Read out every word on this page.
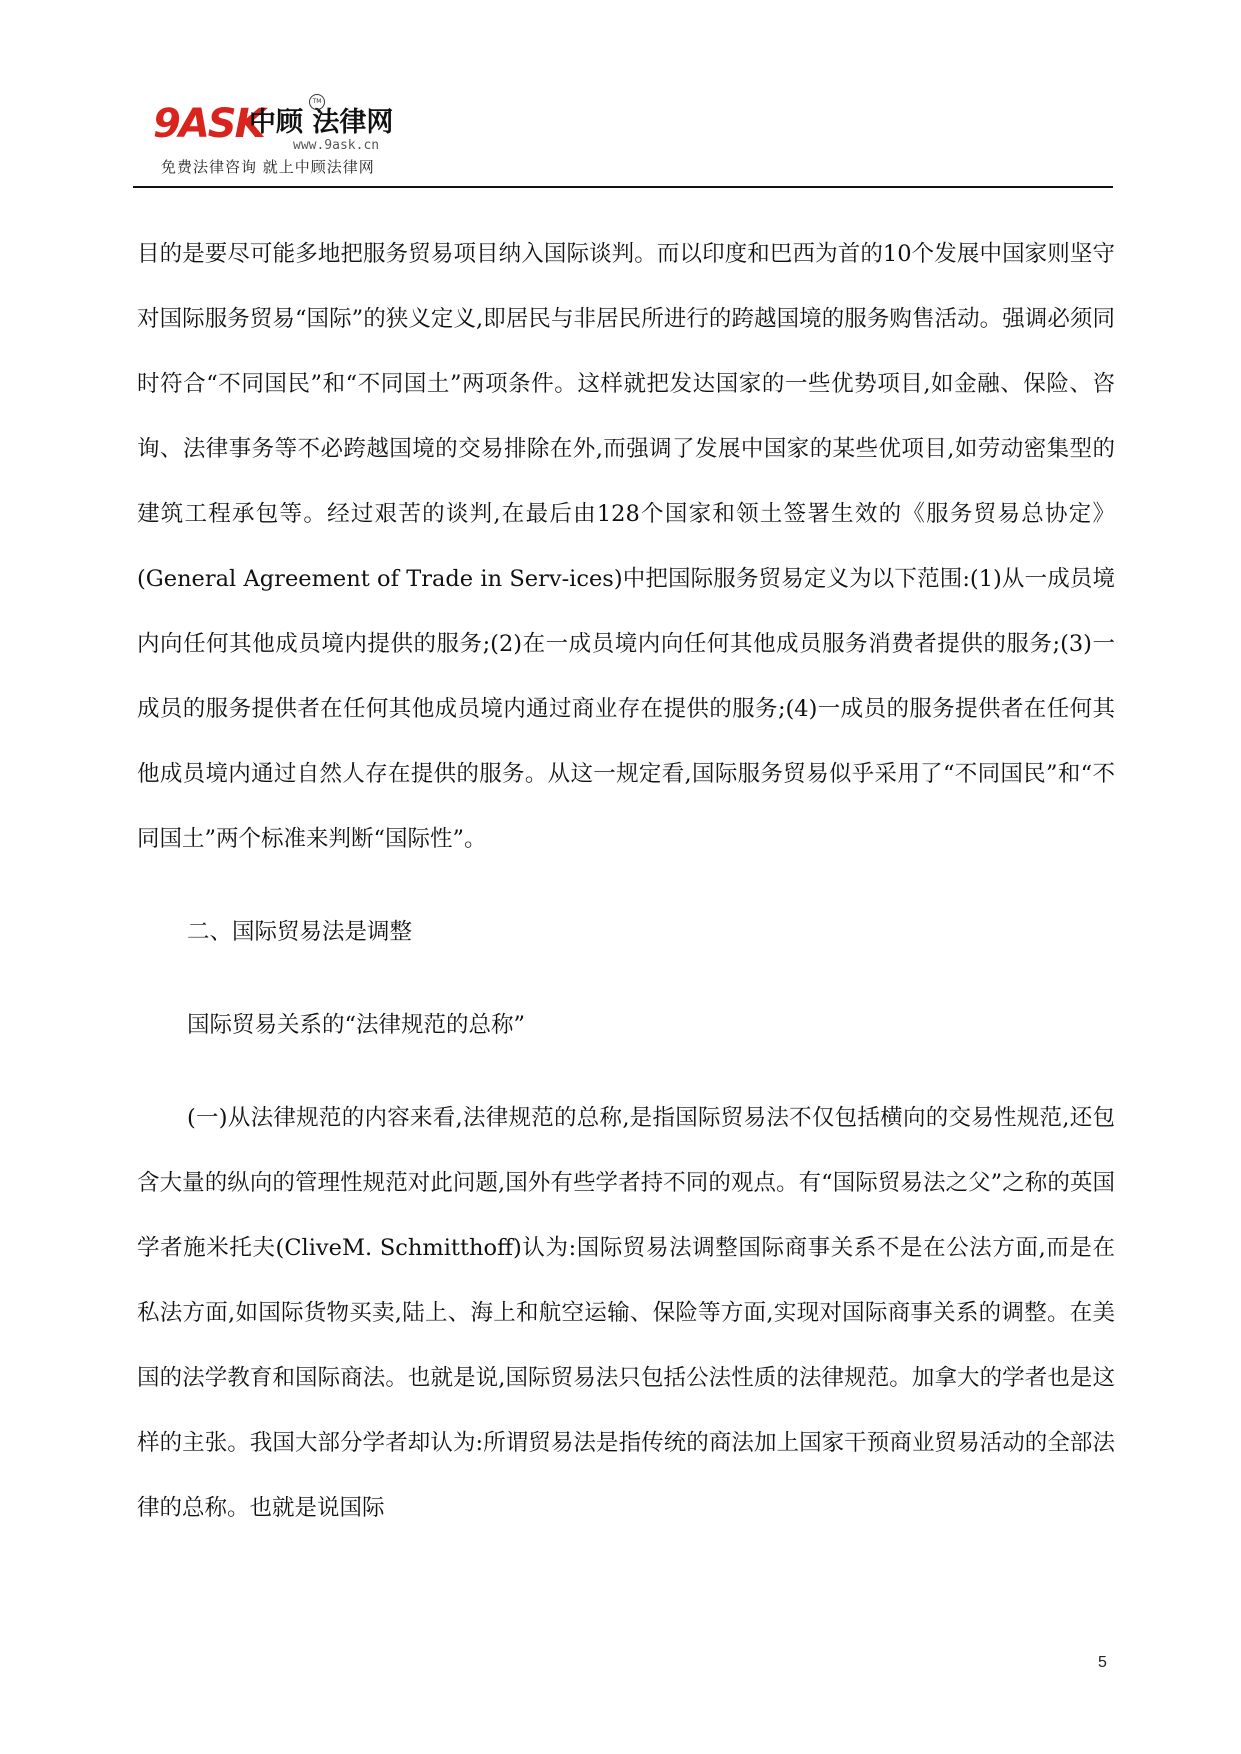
9ASK
中顾 法律网
TM
www.9ask.cn
免费法律咨询 就上中顾法律网

目的是要尽可能多地把服务贸易项目纳入国际谈判。而以印度和巴西为首的10个发展中国家则坚守对国际服务贸易“国际”的狭义定义,即居民与非居民所进行的跨越国境的服务购售活动。强调必须同时符合“不同国民”和“不同国土”两项条件。这样就把发达国家的一些优势项目,如金融、保险、咨询、法律事务等不必跨越国境的交易排除在外,而强调了发展中国家的某些优项目,如劳动密集型的建筑工程承包等。经过艰苦的谈判,在最后由128个国家和领土签署生效的《服务贸易总协定》(General Agreement of Trade in Serv-ices)中把国际服务贸易定义为以下范围:(1)从一成员境内向任何其他成员境内提供的服务;(2)在一成员境内向任何其他成员服务消费者提供的服务;(3)一成员的服务提供者在任何其他成员境内通过商业存在提供的服务;(4)一成员的服务提供者在任何其他成员境内通过自然人存在提供的服务。从这一规定看,国际服务贸易似乎采用了“不同国民”和“不同国土”两个标准来判断“国际性”。

二、国际贸易法是调整

国际贸易关系的“法律规范的总称”

(一)从法律规范的内容来看,法律规范的总称,是指国际贸易法不仅包括横向的交易性规范,还包含大量的纵向的管理性规范对此问题,国外有些学者持不同的观点。有“国际贸易法之父”之称的英国学者施米托夫(CliveM. Schmitthoff)认为:国际贸易法调整国际商事关系不是在公法方面,而是在私法方面,如国际货物买卖,陆上、海上和航空运输、保险等方面,实现对国际商事关系的调整。在美国的法学教育和国际商法。也就是说,国际贸易法只包括公法性质的法律规范。加拿大的学者也是这样的主张。我国大部分学者却认为:所谓贸易法是指传统的商法加上国家干预商业贸易活动的全部法律的总称。也就是说国际

5
